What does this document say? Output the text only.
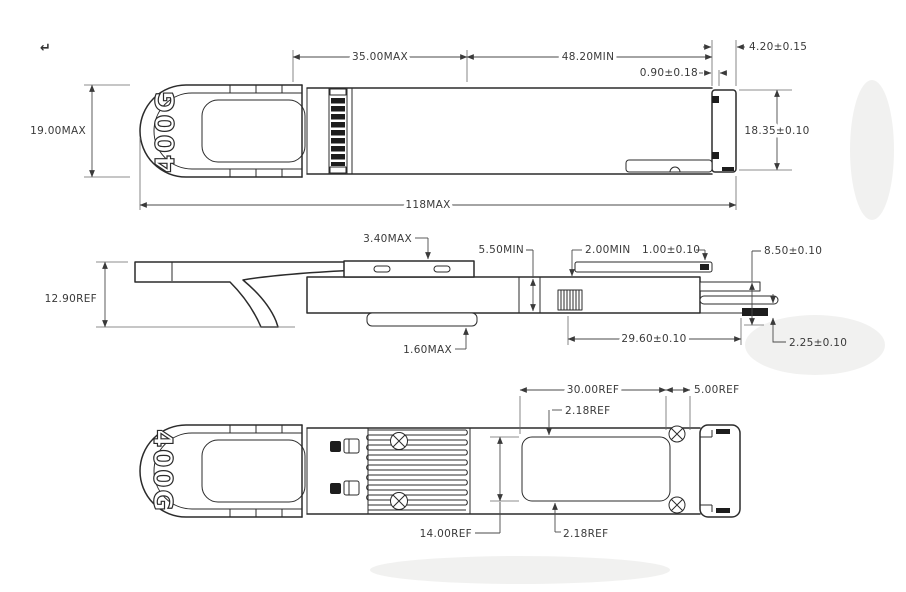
↵
400G
35.00MAX	48.20MIN
4.20±0.15
0.90±0.18
19.00MAX	18.35±0.10
118MAX
3.40MAX
5.50MIN	2.00MIN 1.00±0.10	8.50±0.10
12.90REF
1.60MAX
29.60±0.10	2.25±0.10
400G
30.00REF	5.00REF
2.18REF
14.00REF	2.18REF
